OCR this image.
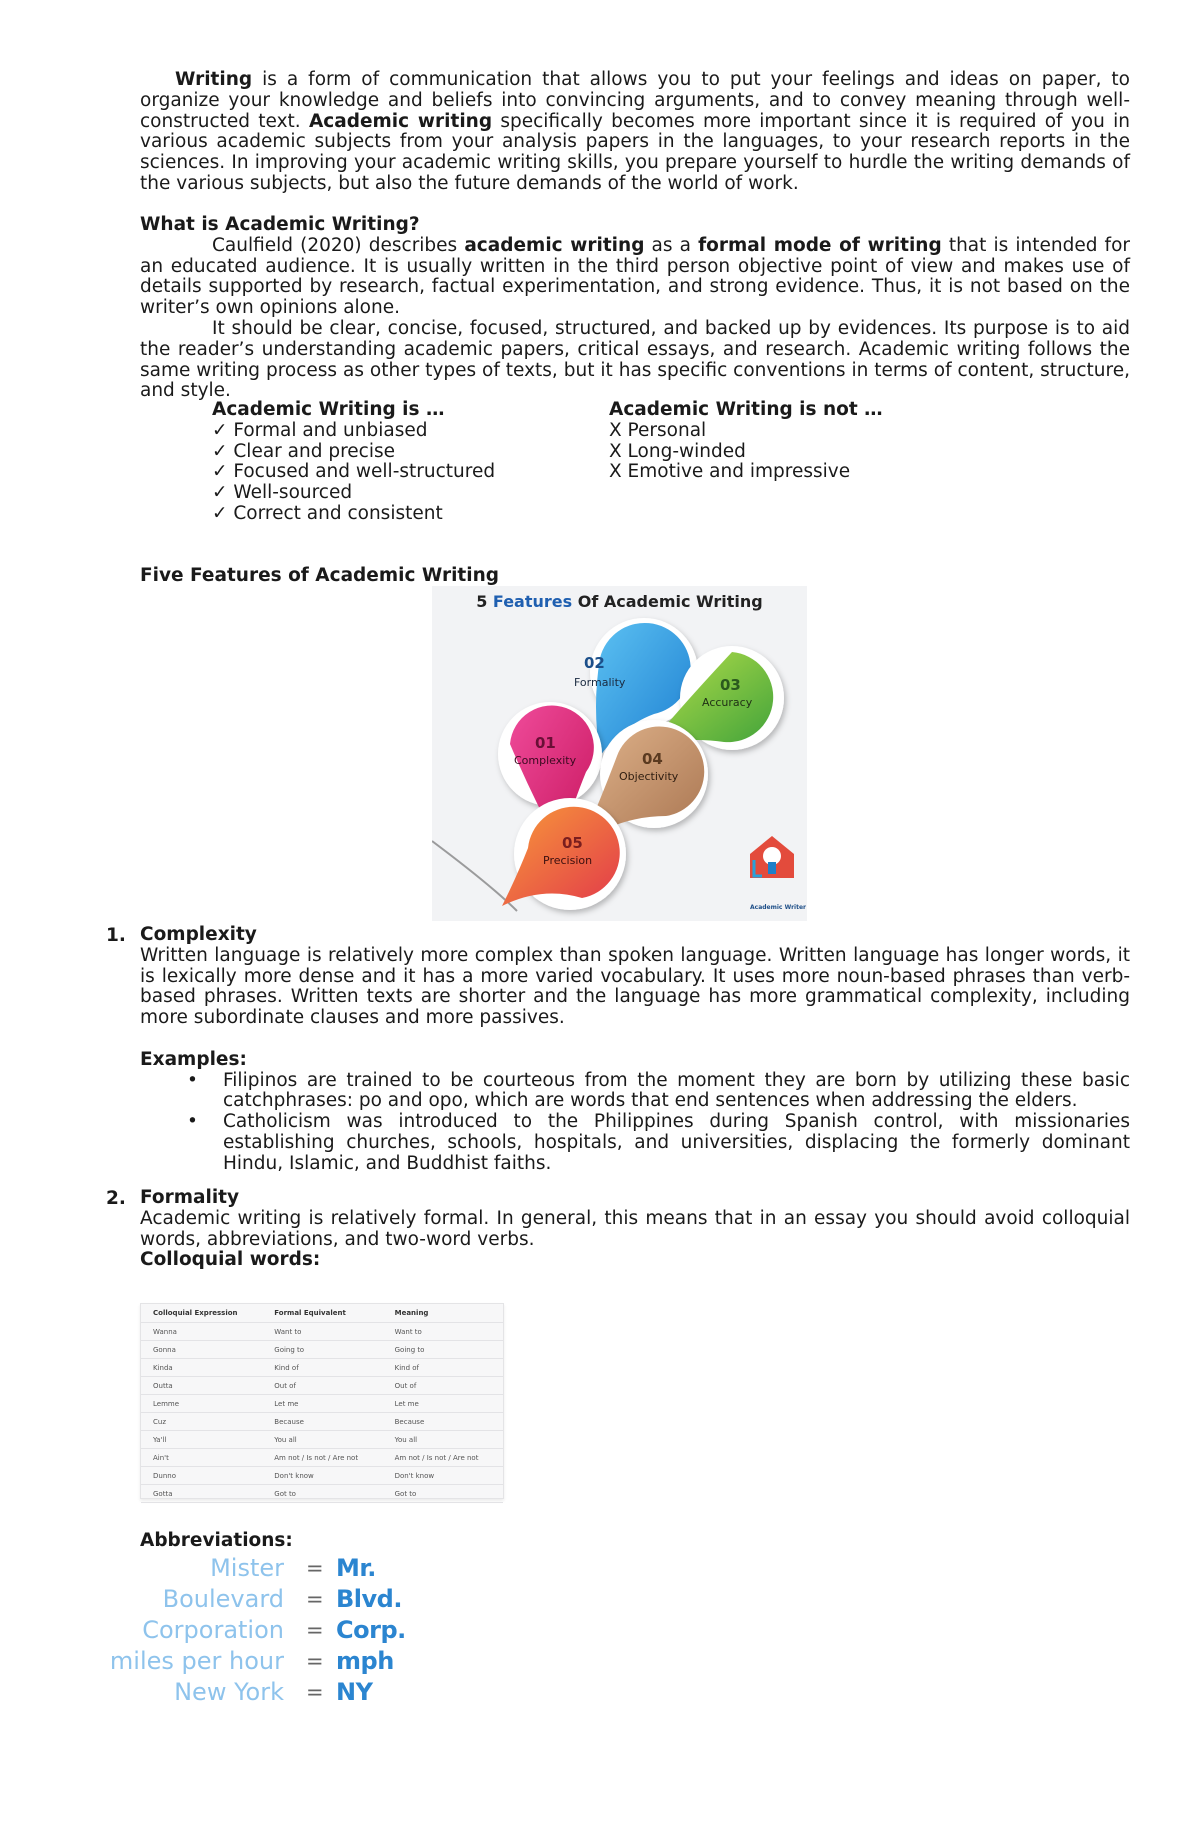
Writing is a form of communication that allows you to put your feelings and ideas on paper, to organize your knowledge and beliefs into convincing arguments, and to convey meaning through well-constructed text. Academic writing specifically becomes more important since it is required of you in various academic subjects from your analysis papers in the languages, to your research reports in the sciences. In improving your academic writing skills, you prepare yourself to hurdle the writing demands of the various subjects, but also the future demands of the world of work.

What is Academic Writing?

Caulfield (2020) describes academic writing as a formal mode of writing that is intended for an educated audience. It is usually written in the third person objective point of view and makes use of details supported by research, factual experimentation, and strong evidence. Thus, it is not based on the writer’s own opinions alone.

It should be clear, concise, focused, structured, and backed up by evidences. Its purpose is to aid the reader’s understanding academic papers, critical essays, and research. Academic writing follows the same writing process as other types of texts, but it has specific conventions in terms of content, structure, and style.

Academic Writing is …
✓ Formal and unbiased
✓ Clear and precise
✓ Focused and well-structured
✓ Well-sourced
✓ Correct and consistent
Academic Writing is not …
X Personal
X Long-winded
X Emotive and impressive

Five Features of Academic Writing

5 Features Of Academic Writing
02
Formality	03
Accuracy
01
Complexity	04
Objectivity
05
Precision
Academic Writer
1. Complexity

Written language is relatively more complex than spoken language. Written language has longer words, it is lexically more dense and it has a more varied vocabulary. It uses more noun-based phrases than verb-based phrases. Written texts are shorter and the language has more grammatical complexity, including more subordinate clauses and more passives.

Examples:

• Filipinos are trained to be courteous from the moment they are born by utilizing these basic catchphrases: po and opo, which are words that end sentences when addressing the elders.
• Catholicism was introduced to the Philippines during Spanish control, with missionaries establishing churches, schools, hospitals, and universities, displacing the formerly dominant Hindu, Islamic, and Buddhist faiths.
2. Formality

Academic writing is relatively formal. In general, this means that in an essay you should avoid colloquial words, abbreviations, and two-word verbs.

Colloquial words:

Colloquial Expression	Formal Equivalent	Meaning
Wanna	Want to	Want to
Gonna	Going to	Going to
Kinda	Kind of	Kind of
Outta	Out of	Out of
Lemme	Let me	Let me
Cuz	Because	Because
Ya'll	You all	You all
Ain't	Am not / Is not / Are not	Am not / Is not / Are not
Dunno	Don't know	Don't know
Gotta	Got to	Got to

Abbreviations:

Mister = Mr.
Boulevard = Blvd.
Corporation = Corp.
miles per hour = mph
New York = NY
